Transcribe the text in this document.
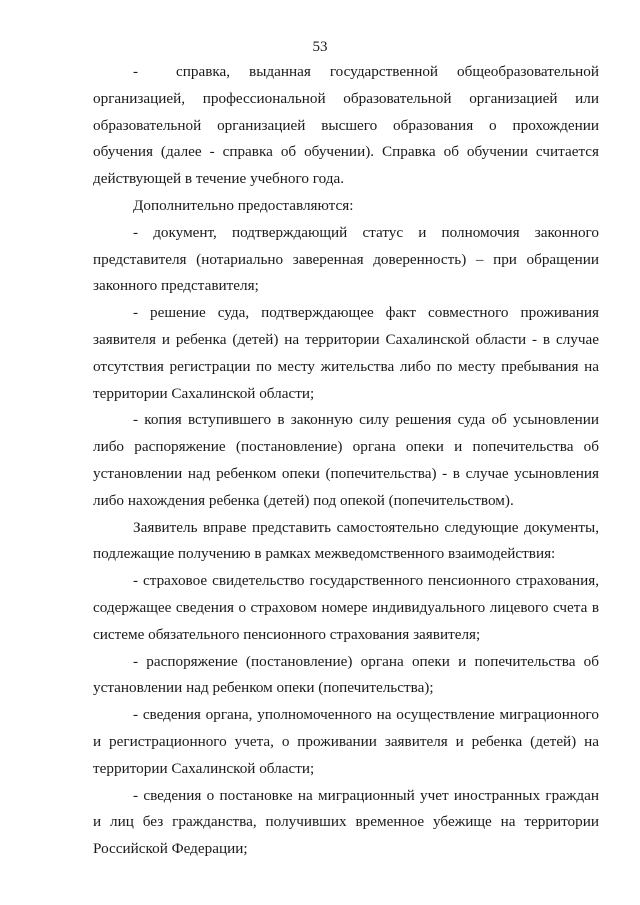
53

-  справка, выданная государственной общеобразовательной организацией, профессиональной образовательной организацией или образовательной организацией высшего образования о прохождении обучения (далее - справка об обучении). Справка об обучении считается действующей в течение учебного года.

Дополнительно предоставляются:

- документ, подтверждающий статус и полномочия законного представителя (нотариально заверенная доверенность) – при обращении законного представителя;

- решение суда, подтверждающее факт совместного проживания заявителя и ребенка (детей) на территории Сахалинской области - в случае отсутствия регистрации по месту жительства либо по месту пребывания на территории Сахалинской области;

- копия вступившего в законную силу решения суда об усыновлении либо распоряжение (постановление) органа опеки и попечительства об установлении над ребенком опеки (попечительства) - в случае усыновления либо нахождения ребенка (детей) под опекой (попечительством).

Заявитель вправе представить самостоятельно следующие документы, подлежащие получению в рамках межведомственного взаимодействия:

- страховое свидетельство государственного пенсионного страхования, содержащее сведения о страховом номере индивидуального лицевого счета в системе обязательного пенсионного страхования заявителя;

- распоряжение (постановление) органа опеки и попечительства об установлении над ребенком опеки (попечительства);

- сведения органа, уполномоченного на осуществление миграционного и регистрационного учета, о проживании заявителя и ребенка (детей) на территории Сахалинской области;

- сведения о постановке на миграционный учет иностранных граждан и лиц без гражданства, получивших временное убежище на территории Российской Федерации;
